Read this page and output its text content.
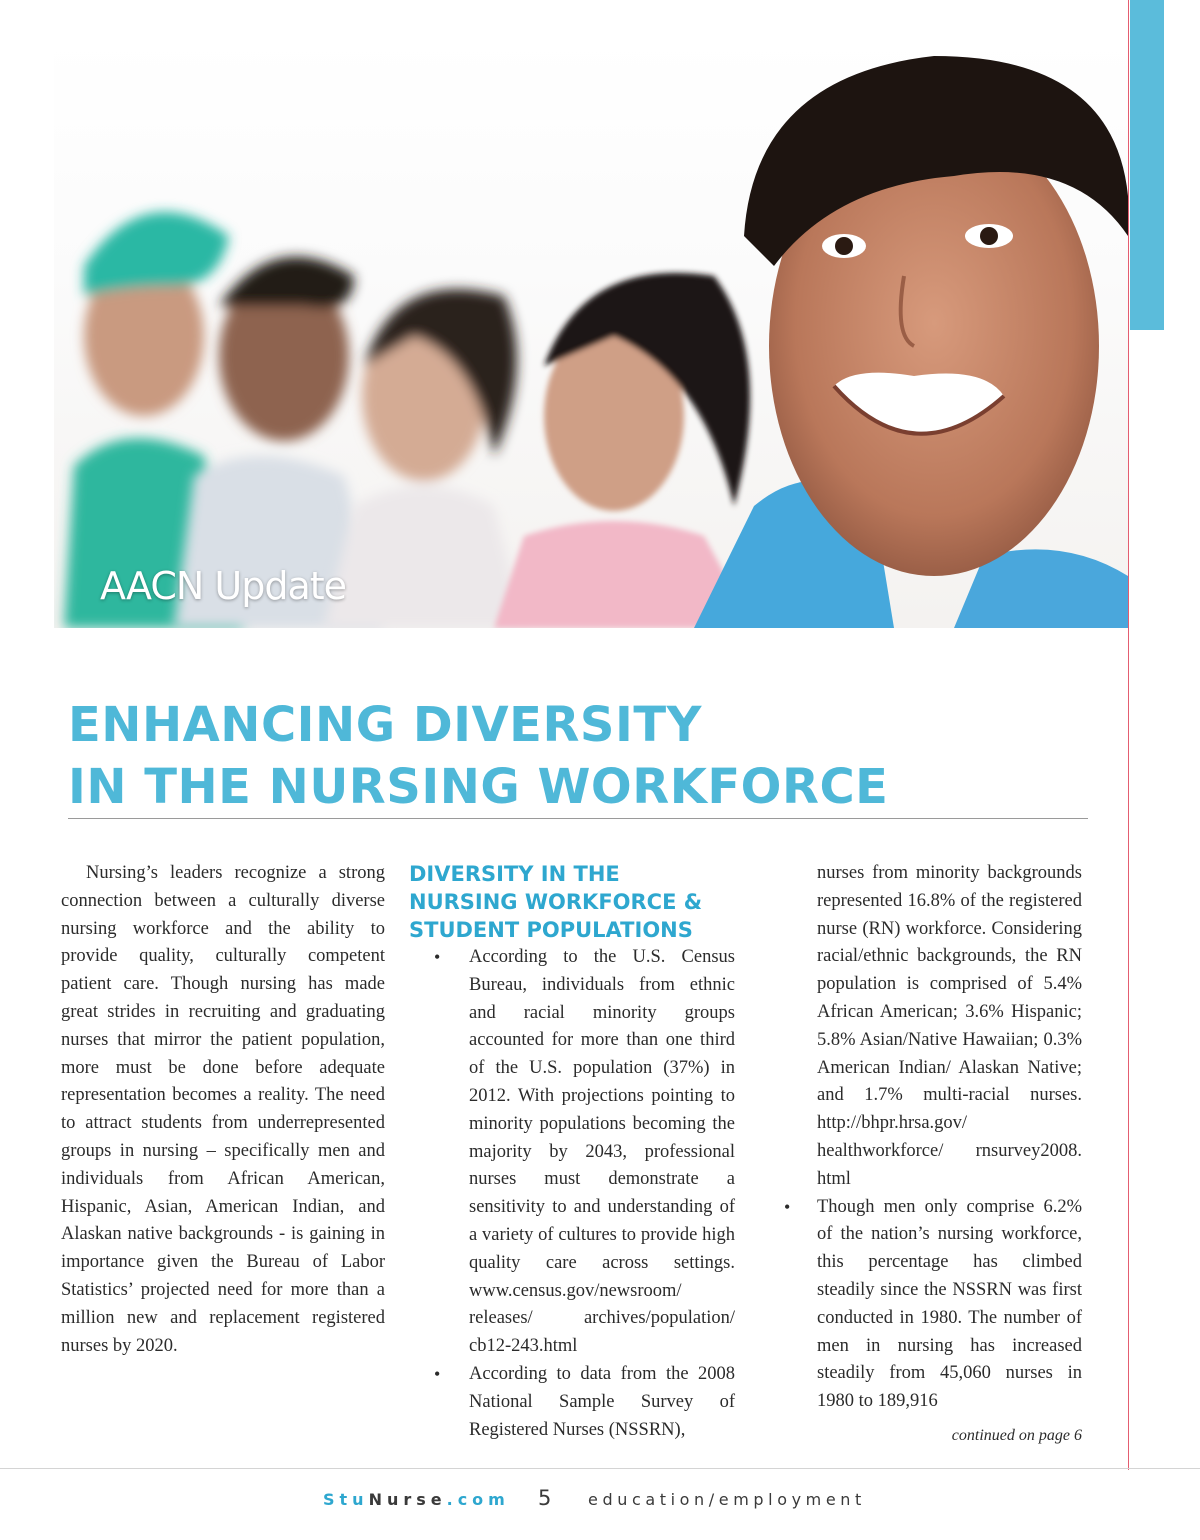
AACN Update
ENHANCING DIVERSITY
IN THE NURSING WORKFORCE

Nursing’s leaders recognize a strong connection between a culturally diverse nursing workforce and the ability to provide quality, culturally competent patient care. Though nursing has made great strides in recruiting and graduating nurses that mirror the patient population, more must be done before adequate representation becomes a reality. The need to attract students from underrepresented groups in nursing – specifically men and individuals from African American, Hispanic, Asian, American Indian, and Alaskan native backgrounds - is gaining in importance given the Bureau of Labor Statistics’ projected need for more than a million new and replacement registered nurses by 2020.

DIVERSITY IN THE NURSING WORKFORCE & STUDENT POPULATIONS
• According to the U.S. Census Bureau, individuals from ethnic and racial minority groups accounted for more than one third of the U.S. population (37%) in 2012. With projections pointing to minority populations becoming the majority by 2043, professional nurses must demonstrate a sensitivity to and understanding of a variety of cultures to provide high quality care across settings. www.census.gov/newsroom/ releases/ archives/population/ cb12-243.html
• According to data from the 2008 National Sample Survey of Registered Nurses (NSSRN),

nurses from minority backgrounds represented 16.8% of the registered nurse (RN) workforce. Considering racial/ethnic backgrounds, the RN population is comprised of 5.4% African American; 3.6% Hispanic; 5.8% Asian/Native Hawaiian; 0.3% American Indian/ Alaskan Native; and 1.7% multi-racial nurses. http://bhpr.hrsa.gov/ healthworkforce/ rnsurvey2008. html

• Though men only comprise 6.2% of the nation’s nursing workforce, this percentage has climbed steadily since the NSSRN was first conducted in 1980. The number of men in nursing has increased steadily from 45,060 nurses in 1980 to 189,916

continued on page 6

StuNurse.com 5 education/employment
